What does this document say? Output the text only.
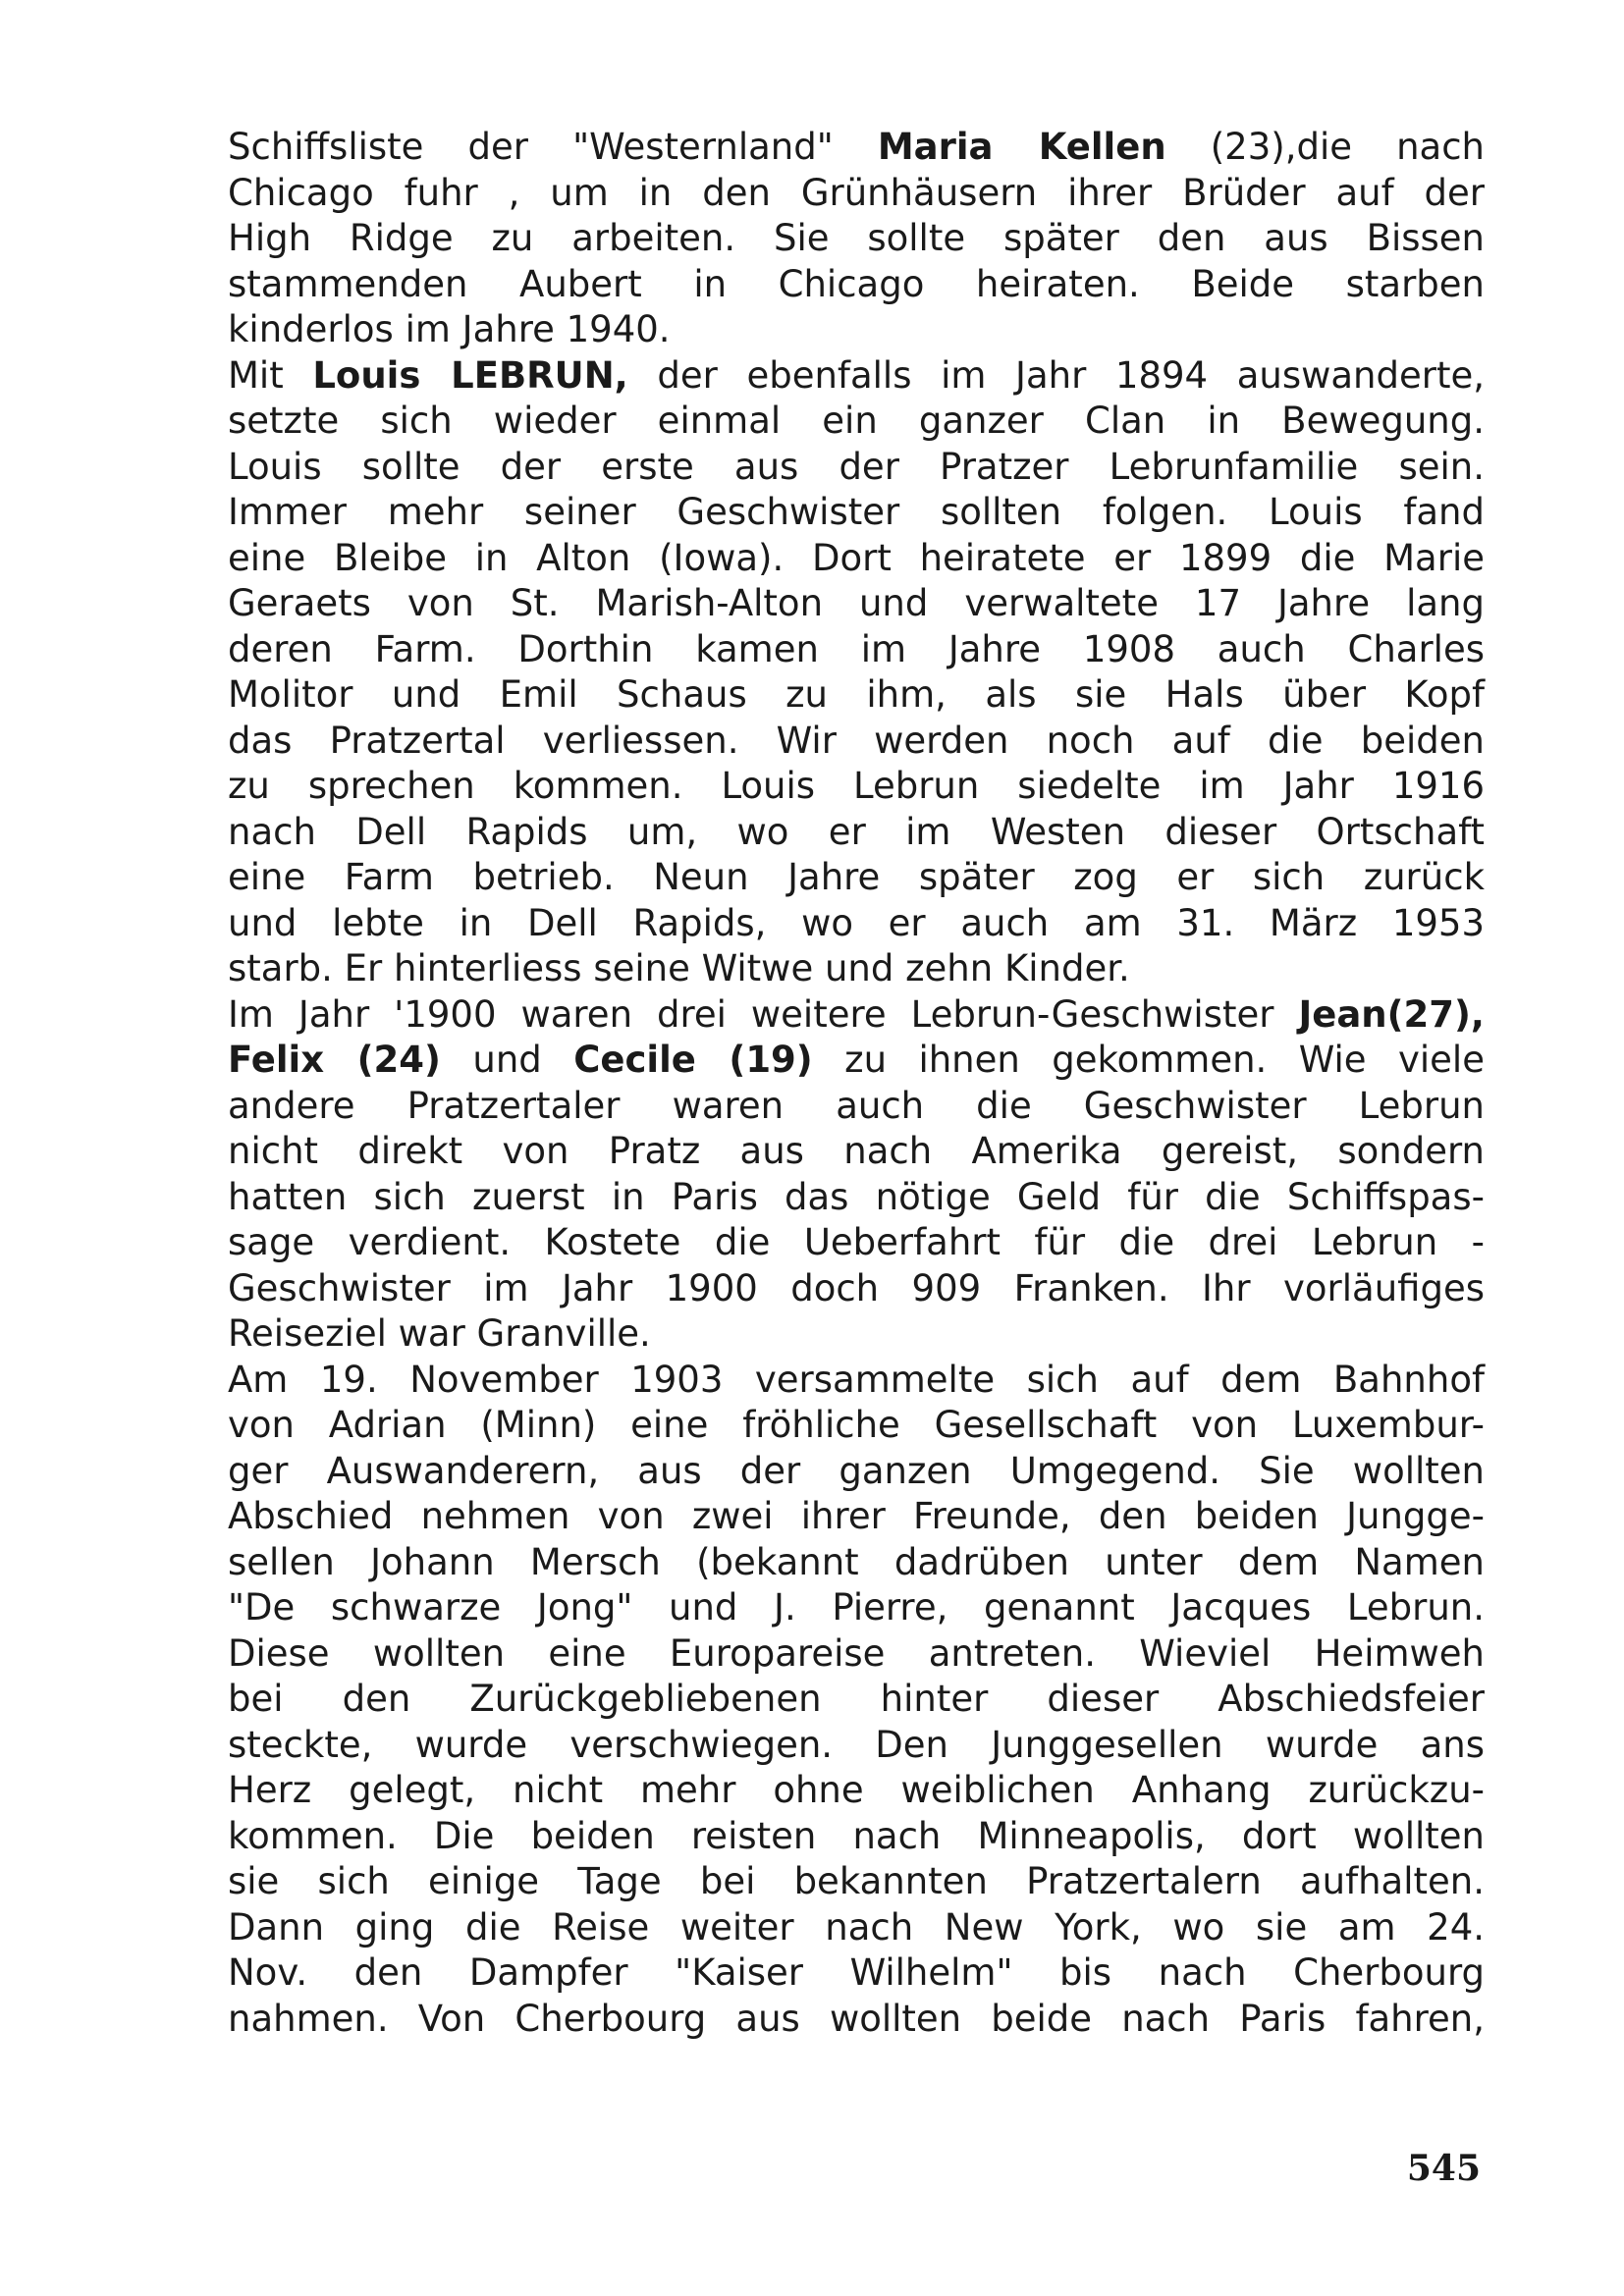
Schiffsliste der "Westernland" Maria Kellen (23),die nach
Chicago fuhr , um in den Grünhäusern ihrer Brüder auf der
High Ridge zu arbeiten. Sie sollte später den aus Bissen
stammenden Aubert in Chicago heiraten. Beide starben
kinderlos im Jahre 1940.
Mit Louis LEBRUN, der ebenfalls im Jahr 1894 auswanderte,
setzte sich wieder einmal ein ganzer Clan in Bewegung.
Louis sollte der erste aus der Pratzer Lebrunfamilie sein.
Immer mehr seiner Geschwister sollten folgen. Louis fand
eine Bleibe in Alton (Iowa). Dort heiratete er 1899 die Marie
Geraets von St. Marish-Alton und verwaltete 17 Jahre lang
deren Farm. Dorthin kamen im Jahre 1908 auch Charles
Molitor und Emil Schaus zu ihm, als sie Hals über Kopf
das Pratzertal verliessen. Wir werden noch auf die beiden
zu sprechen kommen. Louis Lebrun siedelte im Jahr 1916
nach Dell Rapids um, wo er im Westen dieser Ortschaft
eine Farm betrieb. Neun Jahre später zog er sich zurück
und lebte in Dell Rapids, wo er auch am 31. März 1953
starb. Er hinterliess seine Witwe und zehn Kinder.
Im Jahr '1900 waren drei weitere Lebrun-Geschwister Jean(27),
Felix (24) und Cecile (19) zu ihnen gekommen. Wie viele
andere Pratzertaler waren auch die Geschwister Lebrun
nicht direkt von Pratz aus nach Amerika gereist, sondern
hatten sich zuerst in Paris das nötige Geld für die Schiffspas-
sage verdient. Kostete die Ueberfahrt für die drei Lebrun -
Geschwister im Jahr 1900 doch 909 Franken. Ihr vorläufiges
Reiseziel war Granville.
Am 19. November 1903 versammelte sich auf dem Bahnhof
von Adrian (Minn) eine fröhliche Gesellschaft von Luxembur-
ger Auswanderern, aus der ganzen Umgegend. Sie wollten
Abschied nehmen von zwei ihrer Freunde, den beiden Jungge-
sellen Johann Mersch (bekannt dadrüben unter dem Namen
"De schwarze Jong" und J. Pierre, genannt Jacques Lebrun.
Diese wollten eine Europareise antreten. Wieviel Heimweh
bei den Zurückgebliebenen hinter dieser Abschiedsfeier
steckte, wurde verschwiegen. Den Junggesellen wurde ans
Herz gelegt, nicht mehr ohne weiblichen Anhang zurückzu-
kommen. Die beiden reisten nach Minneapolis, dort wollten
sie sich einige Tage bei bekannten Pratzertalern aufhalten.
Dann ging die Reise weiter nach New York, wo sie am 24.
Nov. den Dampfer "Kaiser Wilhelm" bis nach Cherbourg
nahmen. Von Cherbourg aus wollten beide nach Paris fahren,
545
